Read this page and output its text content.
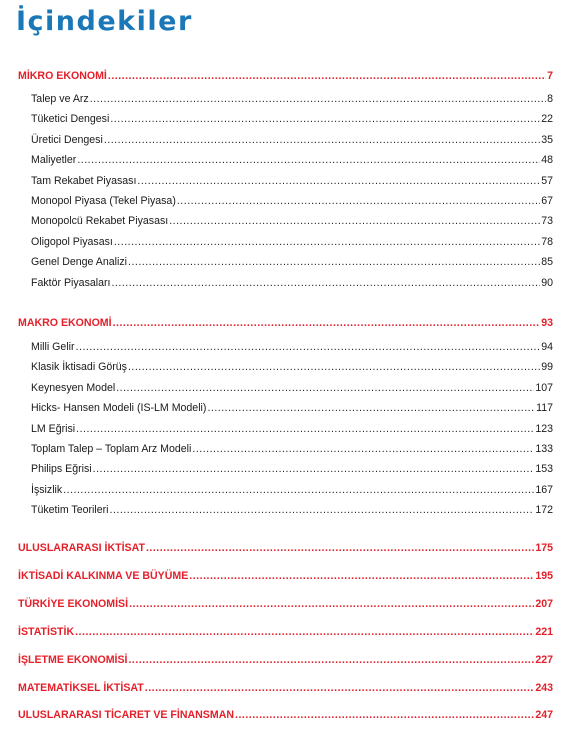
İçindekiler
MİKRO EKONOMİ .....	7
Talep ve Arz .....	8
Tüketici Dengesi .....	22
Üretici Dengesi .....	35
Maliyetler .....	48
Tam Rekabet Piyasası .....	57
Monopol Piyasa (Tekel Piyasa) .....	67
Monopolcü Rekabet Piyasası .....	73
Oligopol Piyasası .....	78
Genel Denge Analizi .....	85
Faktör Piyasaları .....	90
MAKRO EKONOMİ .....	93
Milli Gelir .....	94
Klasik İktisadi Görüş .....	99
Keynesyen Model .....	107
Hicks- Hansen Modeli (IS-LM Modeli) .....	117
LM Eğrisi .....	123
Toplam Talep – Toplam Arz Modeli .....	133
Philips Eğrisi .....	153
İşsizlik .....	167
Tüketim Teorileri .....	172
ULUSLARARASI İKTİSAT .....	175
İKTİSADİ KALKINMA VE BÜYÜME .....	195
TÜRKİYE EKONOMİSİ .....	207
İSTATİSTİK .....	221
İŞLETME EKONOMİSİ .....	227
MATEMATİKSEL İKTİSAT .....	243
ULUSLARARASI TİCARET VE FİNANSMAN .....	247
